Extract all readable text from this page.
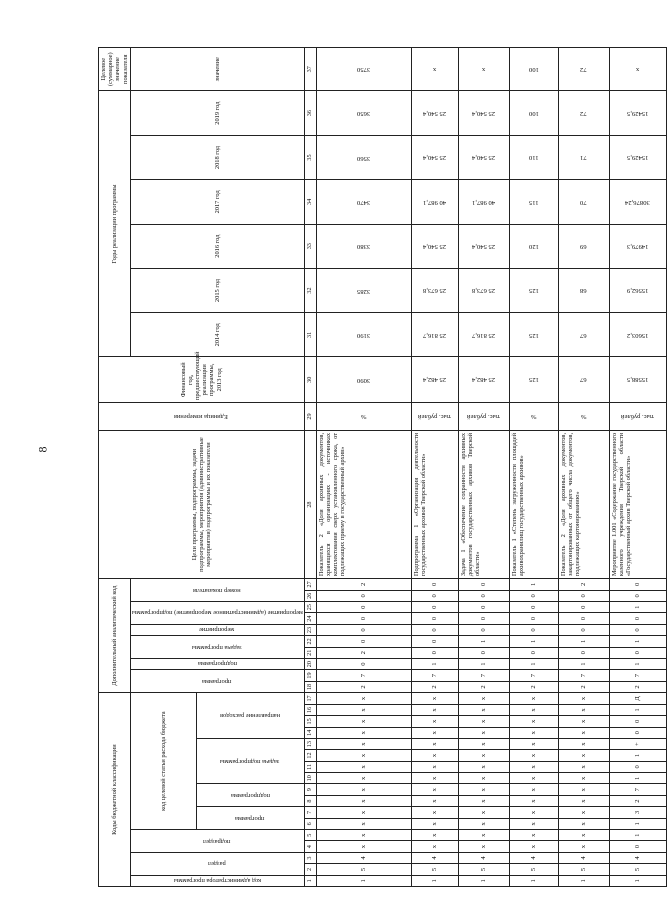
8
Коды бюджетной классификации																	Дополнительный аналитический код										Цели программы, подпрограммы, задачи подпрограммы, мероприятия (административные мероприятия) подпрограммы и их показатели	Единица измерения	Финансовый год, предшествующий реализации программы, 2013 год	Годы реализации программы						Целевое (суммарное) значение показателя

код администратора программы	раздел		подраздел		код целевой статьи расхода бюджета												программа		подпрограмма	задача программы		мероприятие	мероприятие (административное мероприятие) подпрограммы		номер показателя					2014 год	2015 год	2016 год	2017 год	2018 год	2019 год	значение

					программа		подпрограмма		задача подпрограммы				направление расходов																							

1	2	3	4	5	6	7	8	9	10	11	12	13	14	15	16	17	18	19	20	21	22	23	24	25	26	27	28	29	30	31	32	33	34	35	36	37
1	5	4	x	x	x	x	x	x	x	x	x	x	x	x	x	x	2	7	0	2	0	0	0	0	0	2	Показатель 2 «Доля архивных документов, хранящихся в организациях - источниках комплектования сверх установленного срока, от подлежащих приему в государственный архив»	%	3090	3190	3285	3380	3470	3560	3650	3750

1	5	4	x	x	x	x	x	x	x	x	x	x	x	x	x	x	2	7	1	0	0	0	0	0	0	0	Подпрограмма 1 «Организация деятельности государственных архивов Тверской области»	тыс. рублей	25 482,4	25 816,7	25 673,8	25 540,4	40 987,1	25 540,4	25 540,4	x

1	5	4	x	x	x	x	x	x	x	x	x	x	x	x	x	x	2	7	1	0	1	0	0	0	0	0	Задача 1 «Обеспечение сохранности архивных документов государственных архивов Тверской области»	тыс. рублей	25 482,4	25 816,7	25 673,8	25 540,4	40 987,1	25 540,4	25 540,4	x

1	5	4	x	x	x	x	x	x	x	x	x	x	x	x	x	x	2	7	1	0	1	0	0	0	0	1	Показатель 1 «Степень загруженности площадей архивохранилищ государственных архивов»	%	125	125	125	120	115	110	100	100

1	5	4	x	x	x	x	x	x	x	x	x	x	x	x	x	x	2	7	1	0	1	0	0	0	0	2	Показатель 2 «Доля архивных документов, закартонированных от общего числа документов, подлежащих картонированию»	%	67	67	68	69	70	71	72	72

1	5	4	0	1	1	3	2	7	1	0	1	+	0	0	1	Д	2	7	1	0	1	0	0	1	0	0	Мероприятие 1.001 «Содержание государственного казенного учреждения Тверской области «Государственный архив Тверской области»	тыс. рублей	15588,5	15603,2	15562,9	14979,3	30876,24	15429,5	15429,5	x
